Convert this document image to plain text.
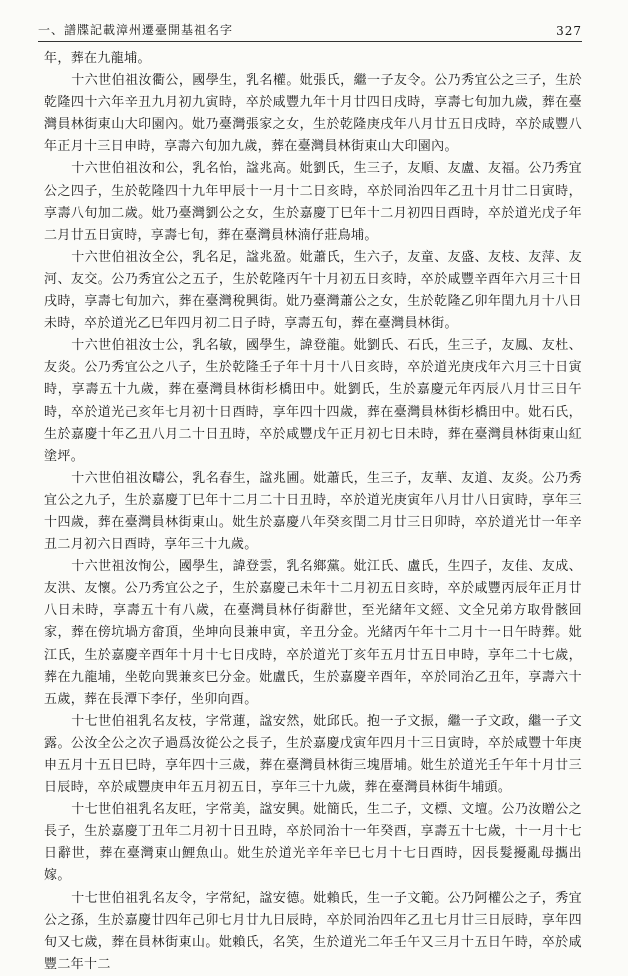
一、譜牒記載漳州遷臺開基祖名字	327

年，葬在九龍埔。

十六世伯祖汝衢公，國學生，乳名權。妣張氏，繼一子友令。公乃秀宜公之三子，生於乾隆四十六年辛丑九月初九寅時，卒於咸豐九年十月廿四日戌時，享壽七旬加九歲，葬在臺灣員林街東山大印園內。妣乃臺灣張家之女，生於乾隆庚戌年八月廿五日戌時，卒於咸豐八年正月十三日申時，享壽六旬加九歲，葬在臺灣員林街東山大印園內。

十六世伯祖汝和公，乳名怡，諡兆高。妣劉氏，生三子，友順、友盧、友福。公乃秀宜公之四子，生於乾隆四十九年甲辰十一月十二日亥時，卒於同治四年乙丑十月廿二日寅時，享壽八旬加二歲。妣乃臺灣劉公之女，生於嘉慶丁巳年十二月初四日酉時，卒於道光戊子年二月廿五日寅時，享壽七旬，葬在臺灣員林湳仔莊鳥埔。

十六世伯祖汝全公，乳名足，諡兆盈。妣蕭氏，生六子，友童、友盛、友枝、友萍、友河、友交。公乃秀宜公之五子，生於乾隆丙午十月初五日亥時，卒於咸豐辛酉年六月三十日戌時，享壽七旬加六，葬在臺灣稅興街。妣乃臺灣蕭公之女，生於乾隆乙卯年閏九月十八日未時，卒於道光乙巳年四月初二日子時，享壽五旬，葬在臺灣員林街。

十六世伯祖汝士公，乳名敏，國學生，諱登龍。妣劉氏、石氏，生三子，友鳳、友杜、友炎。公乃秀宜公之八子，生於乾隆壬子年十月十八日亥時，卒於道光庚戌年六月三十日寅時，享壽五十九歲，葬在臺灣員林街杉橋田中。妣劉氏，生於嘉慶元年丙辰八月廿三日午時，卒於道光己亥年七月初十日酉時，享年四十四歲，葬在臺灣員林街杉橋田中。妣石氏，生於嘉慶十年乙丑八月二十日丑時，卒於咸豐戊午正月初七日未時，葬在臺灣員林街東山紅塗坪。

十六世伯祖汝疇公，乳名春生，諡兆圃。妣蕭氏，生三子，友華、友道、友炎。公乃秀宜公之九子，生於嘉慶丁巳年十二月二十日丑時，卒於道光庚寅年八月廿八日寅時，享年三十四歲，葬在臺灣員林街東山。妣生於嘉慶八年癸亥閏二月廿三日卯時，卒於道光廿一年辛丑二月初六日酉時，享年三十九歲。

十六世祖汝恂公，國學生，諱登雲，乳名鄉黨。妣江氏、盧氏，生四子，友佳、友成、友洪、友懷。公乃秀宜公之子，生於嘉慶己未年十二月初五日亥時，卒於咸豐丙辰年正月廿八日未時，享壽五十有八歲，在臺灣員林仔街辭世，至光緒年文經、文全兄弟方取骨骸回家，葬在傍坑堝方畲頂，坐坤向艮兼申寅，辛丑分金。光緒丙午年十二月十一日午時葬。妣江氏，生於嘉慶辛酉年十月十七日戌時，卒於道光丁亥年五月廿五日申時，享年二十七歲，葬在九龍埔，坐乾向巽兼亥巳分金。妣盧氏，生於嘉慶辛酉年，卒於同治乙丑年，享壽六十五歲，葬在長潭下李仔，坐卯向酉。

十七世伯祖乳名友枝，字常蓮，諡安然，妣邱氏。抱一子文振，繼一子文政，繼一子文露。公汝全公之次子過爲汝從公之長子，生於嘉慶戊寅年四月十三日寅時，卒於咸豐十年庚申五月十五日巳時，享年四十三歲，葬在臺灣員林街三塊厝埔。妣生於道光壬午年十月廿三日辰時，卒於咸豐庚申年五月初五日，享年三十九歲，葬在臺灣員林街牛埔頭。

十七世伯祖乳名友旺，字常美，諡安興。妣簡氏，生二子，文標、文壇。公乃汝贈公之長子，生於嘉慶丁丑年二月初十日丑時，卒於同治十一年癸酉，享壽五十七歲，十一月十七日辭世，葬在臺灣東山鯉魚山。妣生於道光辛年辛巳七月十七日酉時，因長髮擾亂母攜出嫁。

十七世伯祖乳名友令，字常紀，諡安德。妣賴氏，生一子文範。公乃阿權公之子，秀宜公之孫，生於嘉慶廿四年己卯七月廿九日辰時，卒於同治四年乙丑七月廿三日辰時，享年四旬又七歲，葬在員林街東山。妣賴氏，名笑，生於道光二年壬午又三月十五日午時，卒於咸豐二年十二
